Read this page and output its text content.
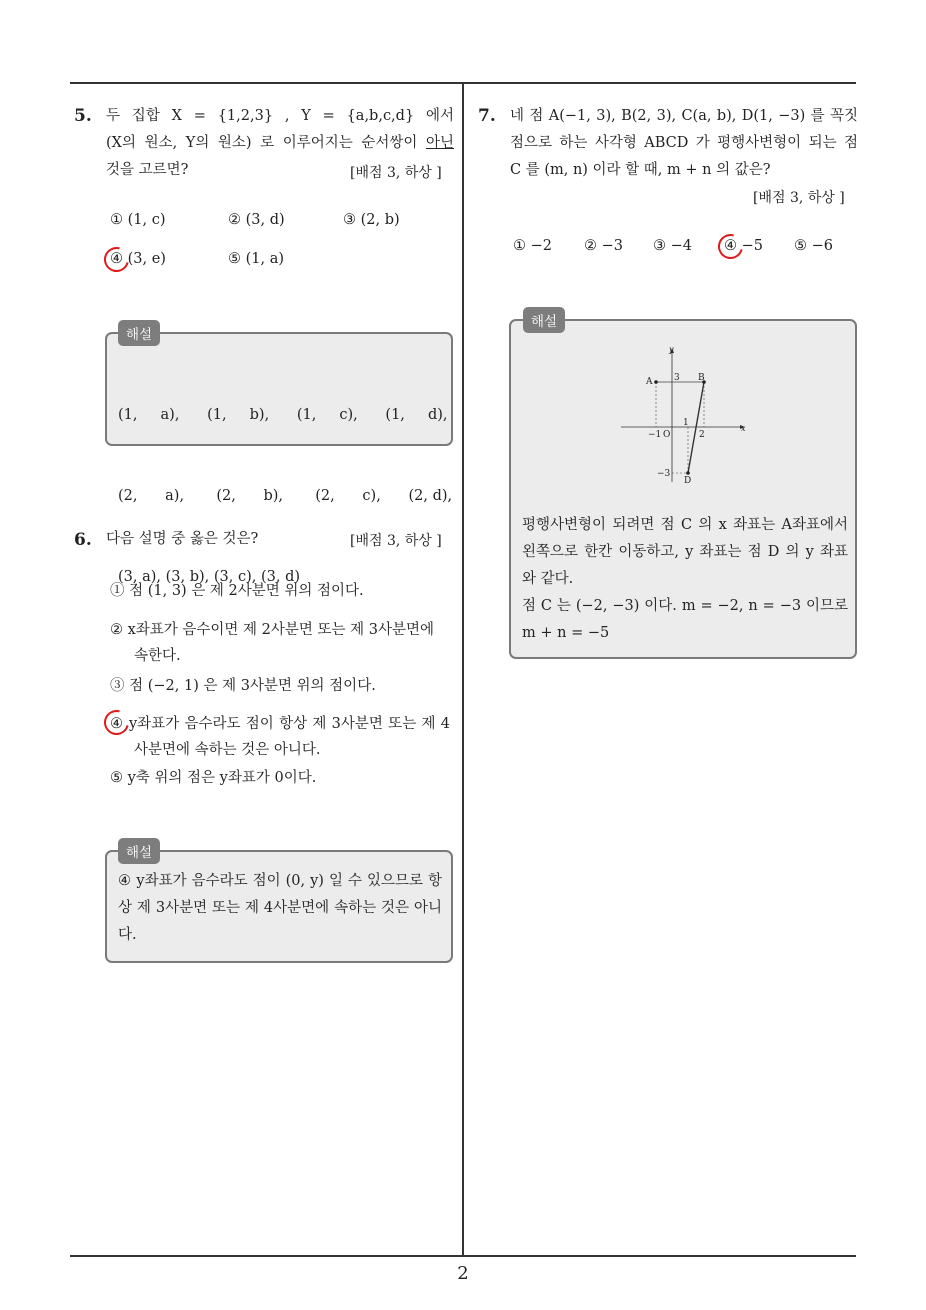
2
5. 두 집합 X = {1,2,3} , Y = {a,b,c,d} 에서
(X의 원소, Y의 원소) 로 이루어지는 순서쌍이 아닌
것을 고르면?	[배점 3, 하상 ]
① (1, c)	② (3, d)	③ (2, b)
④ (3, e)	⑤ (1, a)
해설

(1,     a),      (1,     b),      (1,     c),      (1,     d),

(2,      a),       (2,      b),       (2,      c),      (2, d),

(3, a), (3, b), (3, c), (3, d)

6. 다음 설명 중 옳은 것은?	[배점 3, 하상 ]
① 점 (1, 3) 은 제 2사분면 위의 점이다.
② x좌표가 음수이면 제 2사분면 또는 제 3사분면에 속한다.
③ 점 (−2, 1) 은 제 3사분면 위의 점이다.
④ y좌표가 음수라도 점이 항상 제 3사분면 또는 제 4사분면에 속하는 것은 아니다.
⑤ y축 위의 점은 y좌표가 0이다.
해설
④ y좌표가 음수라도 점이 (0, y) 일 수 있으므로 항상 제 3사분면 또는 제 4사분면에 속하는 것은 아니다.
7. 네 점 A(−1, 3), B(2, 3), C(a, b), D(1, −3) 를 꼭짓
점으로 하는 사각형 ABCD 가 평행사변형이 되는 점
C 를 (m, n) 이라 할 때, m + n 의 값은?
[배점 3, 하상 ]
① −2 ② −3 ③ −4 ④ −5 ⑤ −6
해설
x
y
A	B
D
3
−1 O
1
2
−3
평행사변형이 되려면 점 C 의 x 좌표는 A좌표에서 왼쪽으로 한칸 이동하고, y 좌표는 점 D 의 y 좌표와 같다.
점 C 는 (−2, −3) 이다. m = −2, n = −3 이므로
m + n = −5
